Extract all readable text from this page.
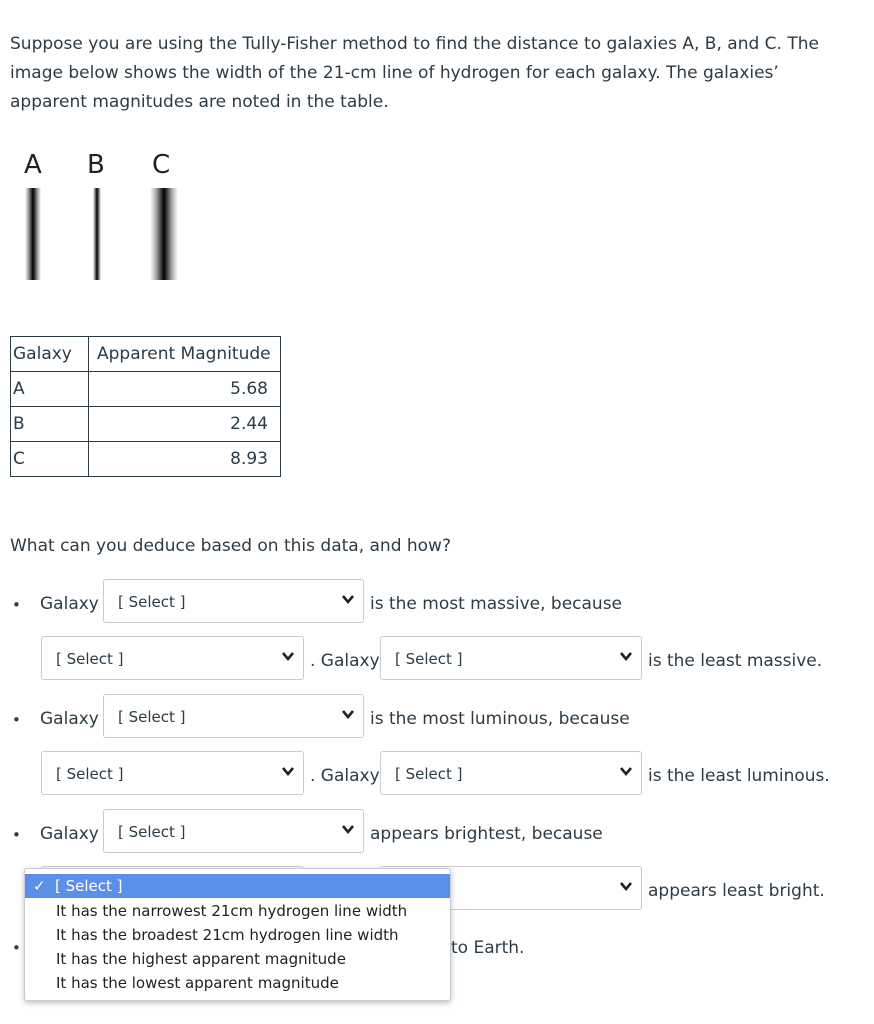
Suppose you are using the Tully-Fisher method to find the distance to galaxies A, B, and C. The image below shows the width of the 21-cm line of hydrogen for each galaxy. The galaxies’ apparent magnitudes are noted in the table.
A B C
Galaxy	Apparent Magnitude
A	5.68
B	2.44
C	8.93
What can you deduce based on this data, and how?
• Galaxy [ Select ]	is the most massive, because
[ Select ]	. Galaxy [ Select ]	is the least massive.
• Galaxy [ Select ]	is the most luminous, because
[ Select ]	. Galaxy [ Select ]	is the least luminous.
• Galaxy [ Select ]	appears brightest, because
appears least bright.
•	to Earth.
✓ [ Select ]
It has the narrowest 21cm hydrogen line width
It has the broadest 21cm hydrogen line width
It has the highest apparent magnitude
It has the lowest apparent magnitude
